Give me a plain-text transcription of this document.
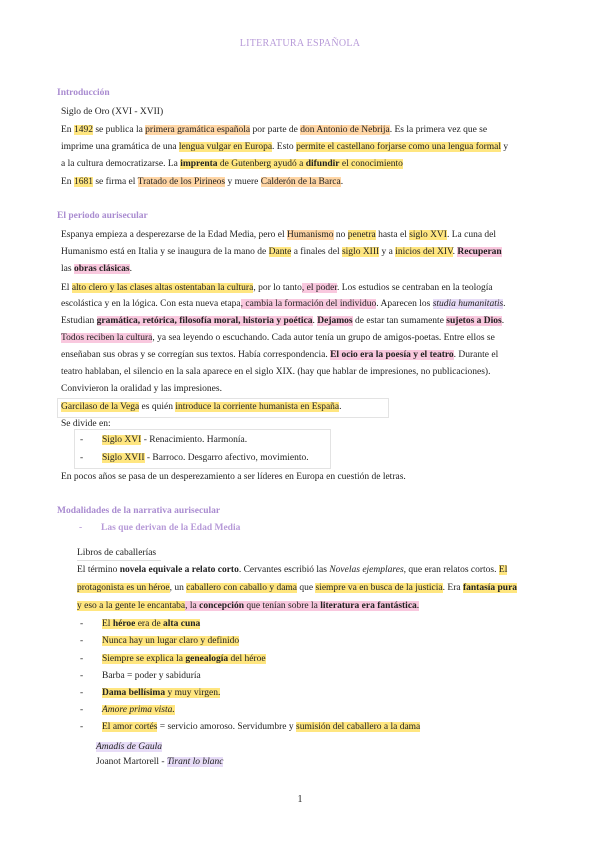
LITERATURA ESPAÑOLA
Introducción
Siglo de Oro (XVI - XVII)
En 1492 se publica la primera gramática española por parte de don Antonio de Nebrija. Es la primera vez que se
imprime una gramática de una lengua vulgar en Europa. Esto permite el castellano forjarse como una lengua formal y
a la cultura democratizarse. La imprenta de Gutenberg ayudó a difundir el conocimiento
En 1681 se firma el Tratado de los Pirineos y muere Calderón de la Barca.
El periodo aurisecular
Espanya empieza a desperezarse de la Edad Media, pero el Humanismo no penetra hasta el siglo XVI. La cuna del
Humanismo está en Italia y se inaugura de la mano de Dante a finales del siglo XIII y a inicios del XIV. Recuperan
las obras clásicas.
El alto clero y las clases altas ostentaban la cultura, por lo tanto, el poder. Los estudios se centraban en la teología
escolástica y en la lógica. Con esta nueva etapa, cambia la formación del individuo. Aparecen los studia humanitatis.
Estudian gramática, retórica, filosofía moral, historia y poética. Dejamos de estar tan sumamente sujetos a Dios.
Todos reciben la cultura, ya sea leyendo o escuchando. Cada autor tenía un grupo de amigos-poetas. Entre ellos se
enseñaban sus obras y se corregían sus textos. Había correspondencia. El ocio era la poesía y el teatro. Durante el
teatro hablaban, el silencio en la sala aparece en el siglo XIX. (hay que hablar de impresiones, no publicaciones).
Convivieron la oralidad y las impresiones.
Garcilaso de la Vega es quién introduce la corriente humanista en España.
Se divide en:
- Siglo XVI - Renacimiento. Harmonía.
- Siglo XVII - Barroco. Desgarro afectivo, movimiento.
En pocos años se pasa de un desperezamiento a ser líderes en Europa en cuestión de letras.
Modalidades de la narrativa aurisecular
- Las que derivan de la Edad Media
Libros de caballerías
El término novela equivale a relato corto. Cervantes escribió las Novelas ejemplares, que eran relatos cortos. El
protagonista es un héroe, un caballero con caballo y dama que siempre va en busca de la justicia. Era fantasía pura
y eso a la gente le encantaba, la concepción que tenían sobre la literatura era fantástica.
- El héroe era de alta cuna
- Nunca hay un lugar claro y definido
- Siempre se explica la genealogía del héroe
- Barba = poder y sabiduría
- Dama bellísima y muy virgen.
- Amore prima vista.
- El amor cortés = servicio amoroso. Servidumbre y sumisión del caballero a la dama
Amadís de Gaula
Joanot Martorell - Tirant lo blanc
1
